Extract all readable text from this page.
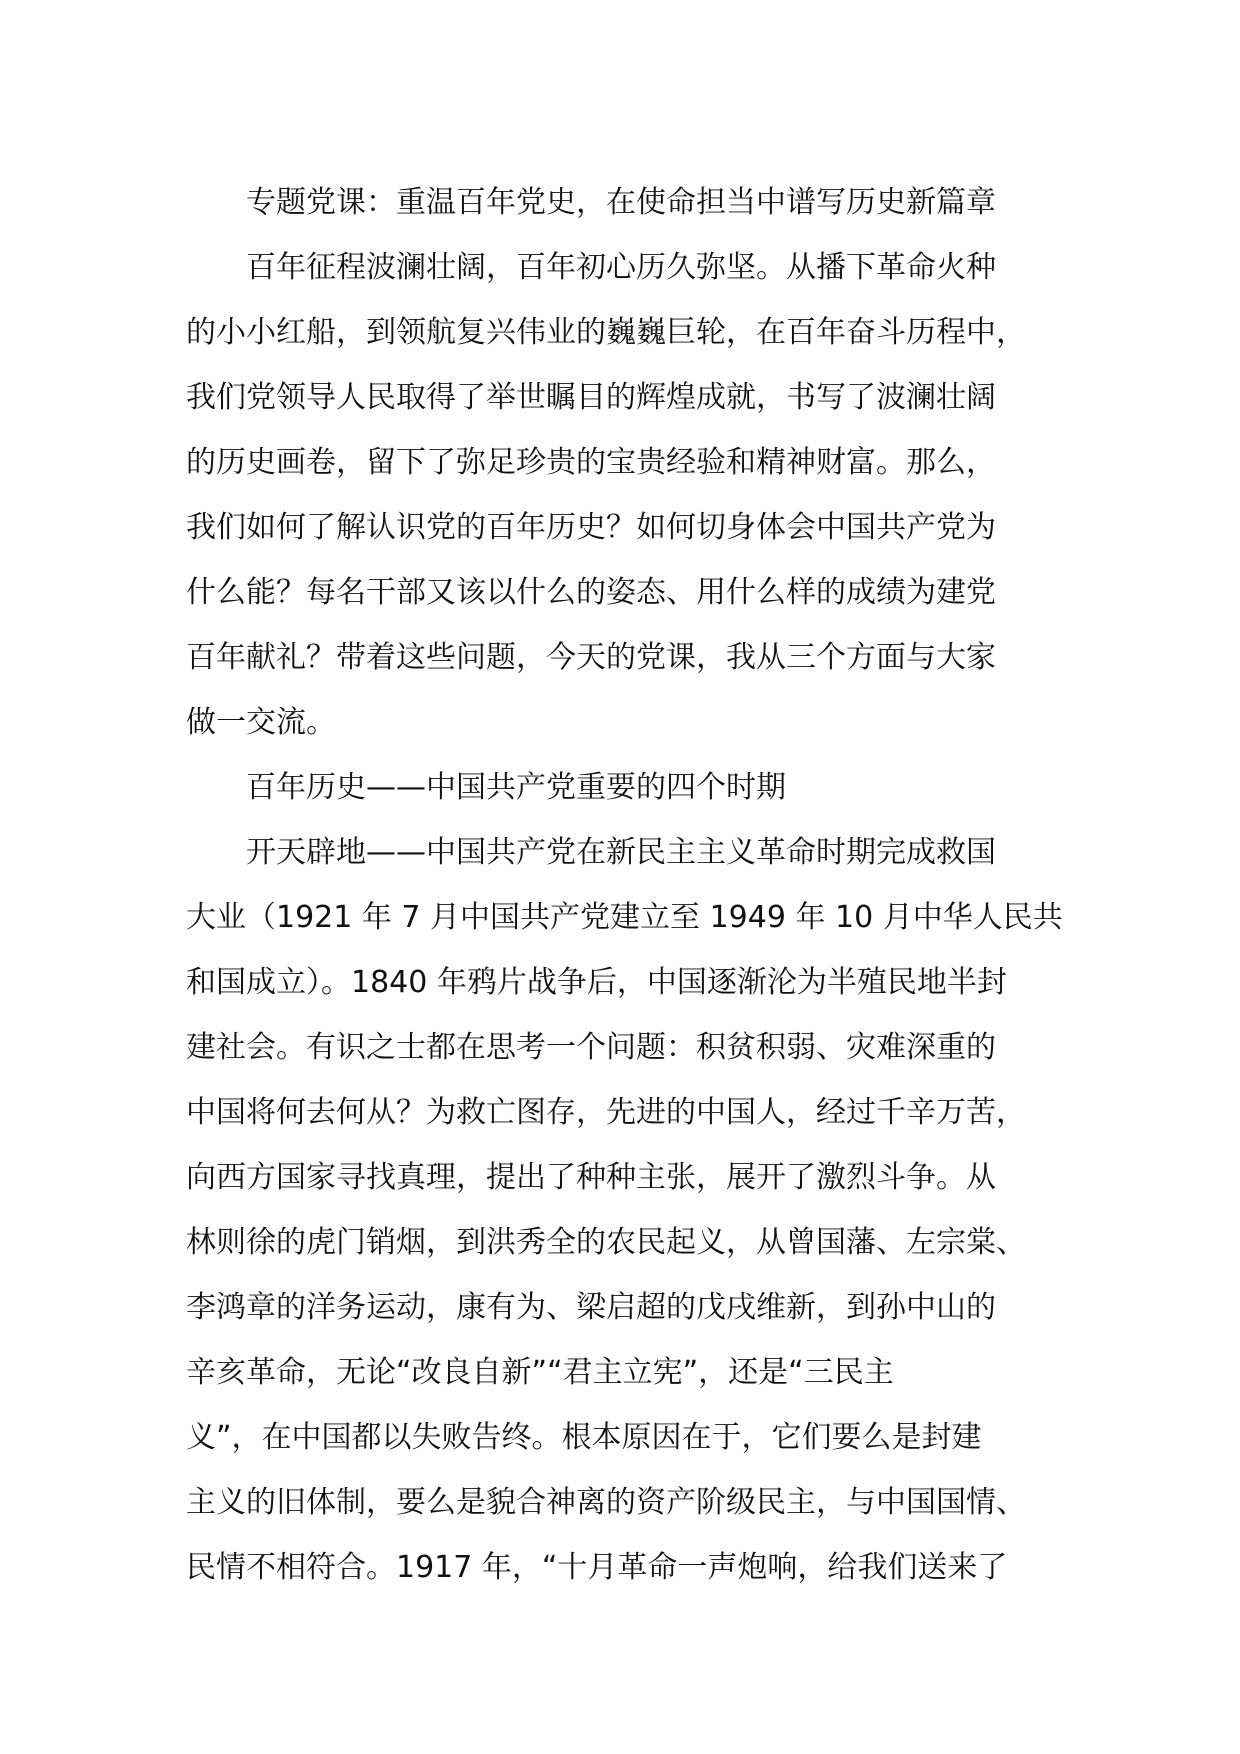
　　专题党课：重温百年党史，在使命担当中谱写历史新篇章
　　百年征程波澜壮阔，百年初心历久弥坚。从播下革命火种
的小小红船，到领航复兴伟业的巍巍巨轮，在百年奋斗历程中，
我们党领导人民取得了举世瞩目的辉煌成就，书写了波澜壮阔
的历史画卷，留下了弥足珍贵的宝贵经验和精神财富。那么，
我们如何了解认识党的百年历史？如何切身体会中国共产党为
什么能？每名干部又该以什么的姿态、用什么样的成绩为建党
百年献礼？带着这些问题，今天的党课，我从三个方面与大家
做一交流。
　　百年历史——中国共产党重要的四个时期
　　开天辟地——中国共产党在新民主主义革命时期完成救国
大业（1921 年 7 月中国共产党建立至 1949 年 10 月中华人民共
和国成立）。1840 年鸦片战争后，中国逐渐沦为半殖民地半封
建社会。有识之士都在思考一个问题：积贫积弱、灾难深重的
中国将何去何从？为救亡图存，先进的中国人，经过千辛万苦，
向西方国家寻找真理，提出了种种主张，展开了激烈斗争。从
林则徐的虎门销烟，到洪秀全的农民起义，从曾国藩、左宗棠、
李鸿章的洋务运动，康有为、梁启超的戊戌维新，到孙中山的
辛亥革命，无论“改良自新”“君主立宪”，还是“三民主
义”，在中国都以失败告终。根本原因在于，它们要么是封建
主义的旧体制，要么是貌合神离的资产阶级民主，与中国国情、
民情不相符合。1917 年，“十月革命一声炮响，给我们送来了
